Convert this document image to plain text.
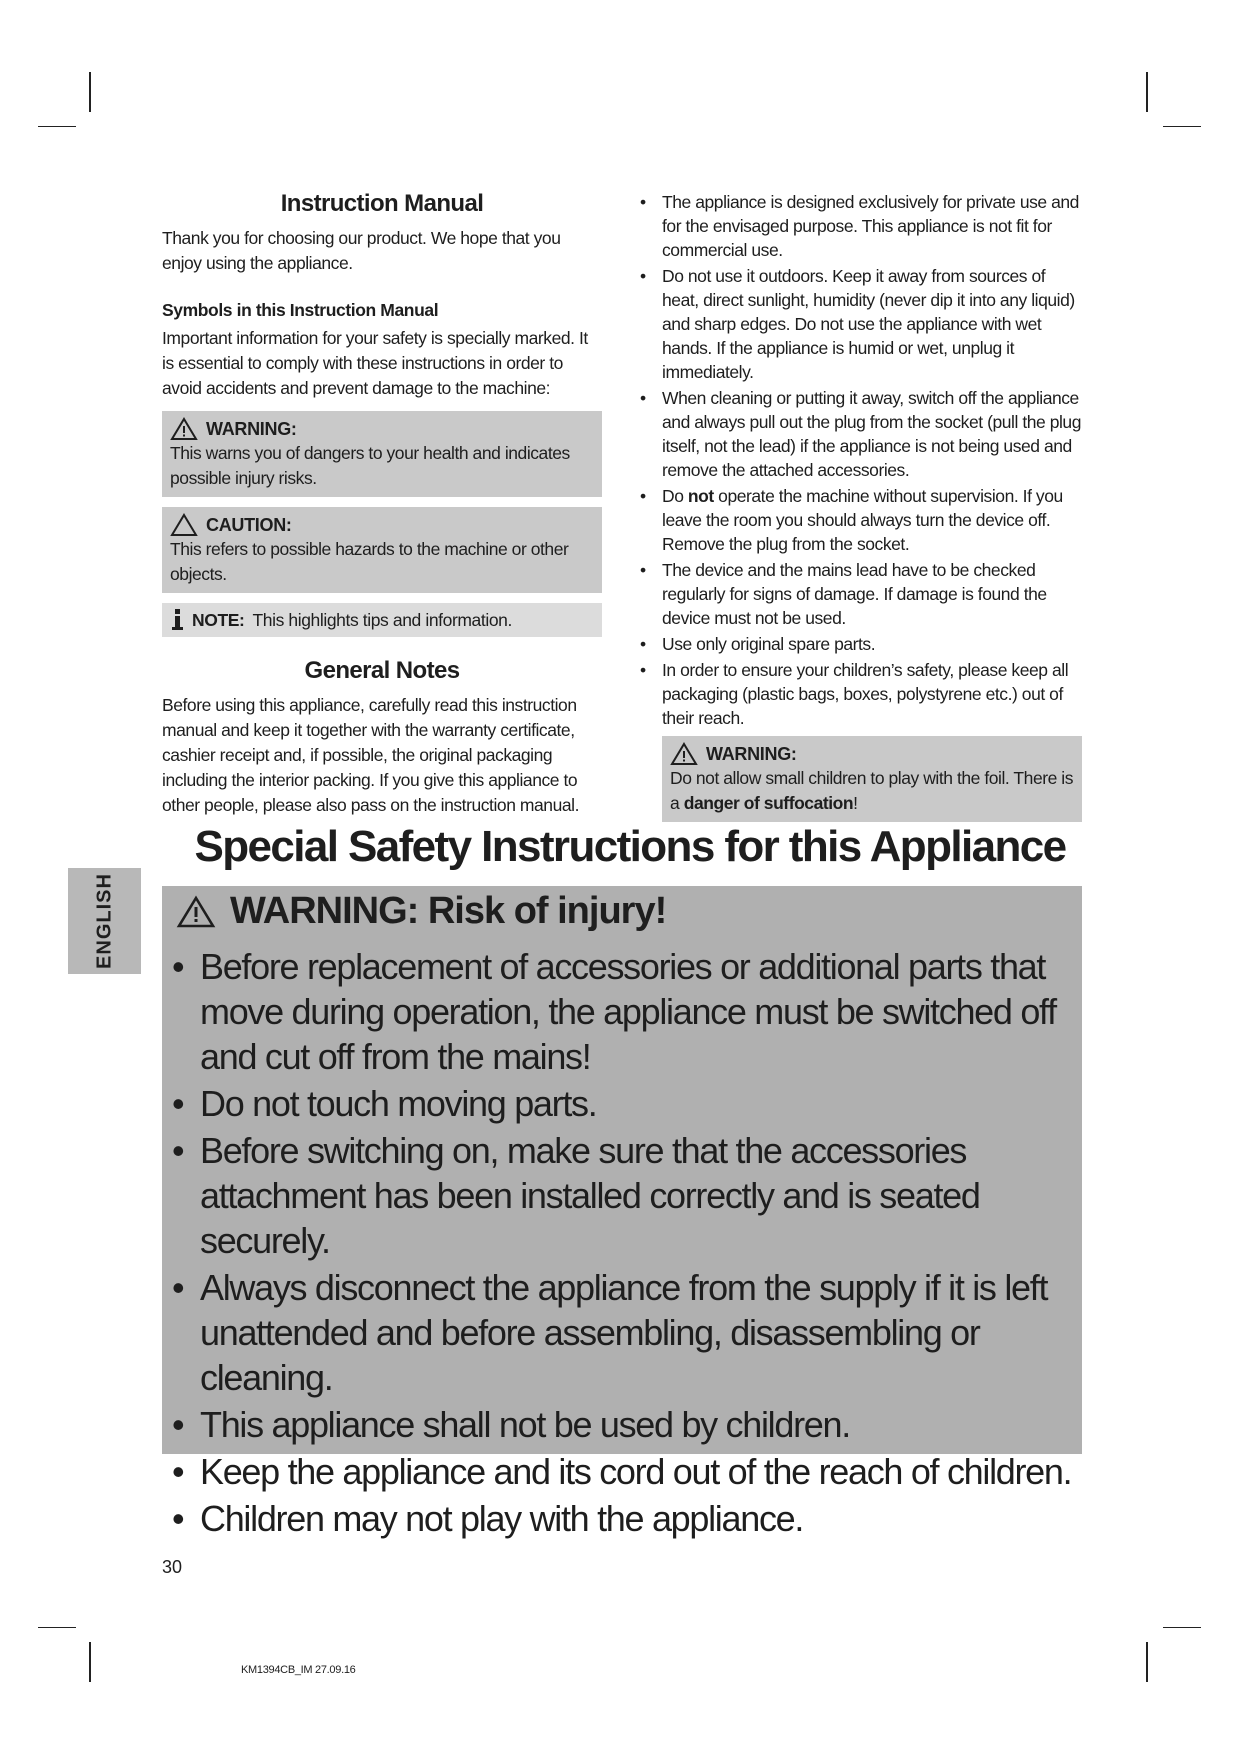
Instruction Manual
Thank you for choosing our product. We hope that you enjoy using the appliance.
Symbols in this Instruction Manual
Important information for your safety is specially marked. It is essential to comply with these instructions in order to avoid accidents and prevent damage to the machine:
WARNING:
This warns you of dangers to your health and indicates possible injury risks.
CAUTION:
This refers to possible hazards to the machine or other objects.
NOTE: This highlights tips and information.
General Notes
Before using this appliance, carefully read this instruction manual and keep it together with the warranty certificate, cashier receipt and, if possible, the original packaging including the interior packing. If you give this appliance to other people, please also pass on the instruction manual.
• The appliance is designed exclusively for private use and for the envisaged purpose. This appliance is not fit for commercial use.
• Do not use it outdoors. Keep it away from sources of heat, direct sunlight, humidity (never dip it into any liquid) and sharp edges. Do not use the appliance with wet hands. If the appliance is humid or wet, unplug it immediately.
• When cleaning or putting it away, switch off the appliance and always pull out the plug from the socket (pull the plug itself, not the lead) if the appliance is not being used and remove the attached accessories.
• Do not operate the machine without supervision. If you leave the room you should always turn the device off. Remove the plug from the socket.
• The device and the mains lead have to be checked regularly for signs of damage. If damage is found the device must not be used.
• Use only original spare parts.
• In order to ensure your children’s safety, please keep all packaging (plastic bags, boxes, polystyrene etc.) out of their reach.
WARNING:
Do not allow small children to play with the foil. There is a danger of suffocation!
Special Safety Instructions for this Appliance
WARNING: Risk of injury!
• Before replacement of accessories or additional parts that move during operation, the appliance must be switched off and cut off from the mains!
• Do not touch moving parts.
• Before switching on, make sure that the accessories attachment has been installed correctly and is seated securely.
• Always disconnect the appliance from the supply if it is left unattended and before assembling, disassembling or cleaning.
• This appliance shall not be used by children.
• Keep the appliance and its cord out of the reach of children.
• Children may not play with the appliance.
ENGLISH
30
KM1394CB_IM 27.09.16
